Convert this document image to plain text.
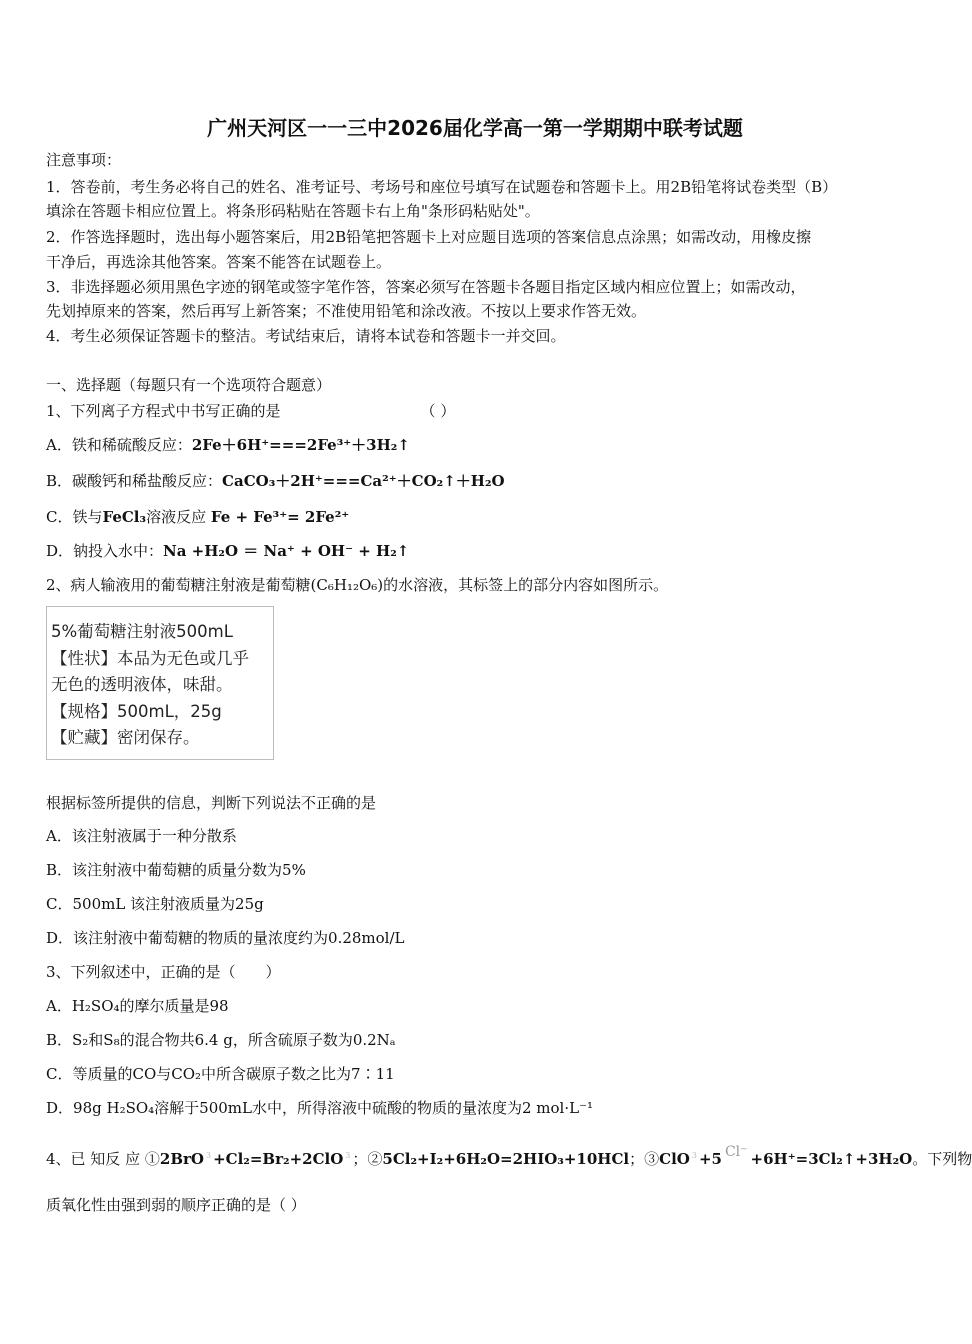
广州天河区一一三中2026届化学高一第一学期期中联考试题
注意事项：
1．答卷前，考生务必将自己的姓名、准考证号、考场号和座位号填写在试题卷和答题卡上。用2B铅笔将试卷类型（B）
填涂在答题卡相应位置上。将条形码粘贴在答题卡右上角"条形码粘贴处"。
2．作答选择题时，选出每小题答案后，用2B铅笔把答题卡上对应题目选项的答案信息点涂黑；如需改动，用橡皮擦
干净后，再选涂其他答案。答案不能答在试题卷上。
3．非选择题必须用黑色字迹的钢笔或签字笔作答，答案必须写在答题卡各题目指定区域内相应位置上；如需改动，
先划掉原来的答案，然后再写上新答案；不准使用铅笔和涂改液。不按以上要求作答无效。
4．考生必须保证答题卡的整洁。考试结束后，请将本试卷和答题卡一并交回。
一、选择题（每题只有一个选项符合题意）
1、下列离子方程式中书写正确的是	（ ）
A．铁和稀硫酸反应：2Fe＋6H⁺===2Fe³⁺＋3H₂↑
B．碳酸钙和稀盐酸反应：CaCO₃＋2H⁺===Ca²⁺＋CO₂↑＋H₂O
C．铁与FeCl₃溶液反应 Fe + Fe³⁺= 2Fe²⁺
D．钠投入水中：Na +H₂O ＝ Na⁺ + OH⁻ + H₂↑
2、病人输液用的葡萄糖注射液是葡萄糖(C₆H₁₂O₆)的水溶液，其标签上的部分内容如图所示。
5%葡萄糖注射液500mL
【性状】本品为无色或几乎
无色的透明液体，味甜。
【规格】500mL，25g
【贮藏】密闭保存。
根据标签所提供的信息，判断下列说法不正确的是
A．该注射液属于一种分散系
B．该注射液中葡萄糖的质量分数为5%
C．500mL 该注射液质量为25g
D．该注射液中葡萄糖的物质的量浓度约为0.28mol/L
3、下列叙述中，正确的是（　　）
A．H₂SO₄的摩尔质量是98
B．S₂和S₈的混合物共6.4 g，所含硫原子数为0.2Nₐ
C．等质量的CO与CO₂中所含碳原子数之比为7∶11
D．98g H₂SO₄溶解于500mL水中，所得溶液中硫酸的物质的量浓度为2 mol·L⁻¹
4、已 知反 应 ①2BrO $^3$ +Cl₂=Br₂+2ClO $^3$ ；②5Cl₂+I₂+6H₂O=2HIO₃+10HCl；③ClO $^3$ +5 Cl⁻ +6H⁺=3Cl₂↑+3H₂O。下列物
质氧化性由强到弱的顺序正确的是（ ）
